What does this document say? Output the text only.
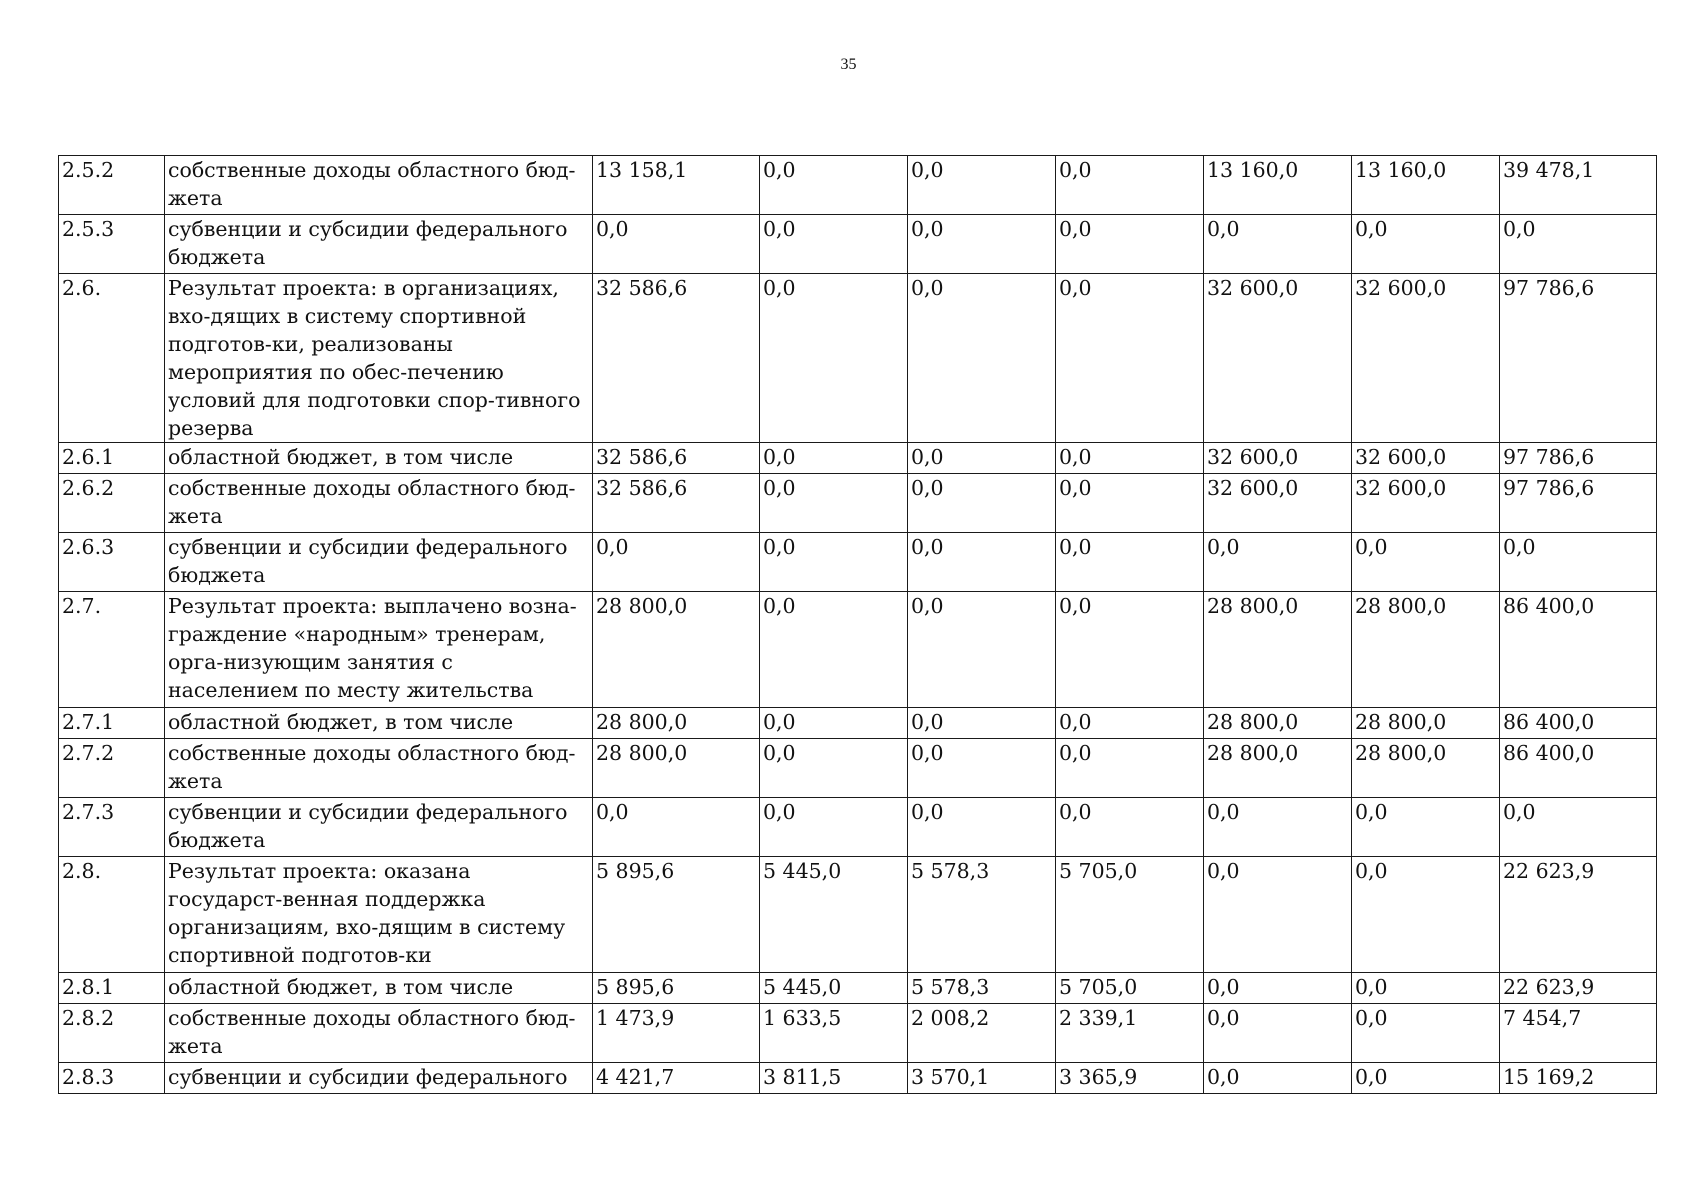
35
2.5.2	собственные доходы областного бюд-жета	13 158,1	0,0	0,0	0,0	13 160,0	13 160,0	39 478,1
2.5.3	субвенции и субсидии федерального бюджета	0,0	0,0	0,0	0,0	0,0	0,0	0,0
2.6.	Результат проекта: в организациях, вхо-дящих в систему спортивной подготов-ки, реализованы мероприятия по обес-печению условий для подготовки спор-тивного резерва	32 586,6	0,0	0,0	0,0	32 600,0	32 600,0	97 786,6
2.6.1	областной бюджет, в том числе	32 586,6	0,0	0,0	0,0	32 600,0	32 600,0	97 786,6
2.6.2	собственные доходы областного бюд-жета	32 586,6	0,0	0,0	0,0	32 600,0	32 600,0	97 786,6
2.6.3	субвенции и субсидии федерального бюджета	0,0	0,0	0,0	0,0	0,0	0,0	0,0
2.7.	Результат проекта: выплачено возна-граждение «народным» тренерам, орга-низующим занятия с населением по месту жительства	28 800,0	0,0	0,0	0,0	28 800,0	28 800,0	86 400,0
2.7.1	областной бюджет, в том числе	28 800,0	0,0	0,0	0,0	28 800,0	28 800,0	86 400,0
2.7.2	собственные доходы областного бюд-жета	28 800,0	0,0	0,0	0,0	28 800,0	28 800,0	86 400,0
2.7.3	субвенции и субсидии федерального бюджета	0,0	0,0	0,0	0,0	0,0	0,0	0,0
2.8.	Результат проекта: оказана государст-венная поддержка организациям, вхо-дящим в систему спортивной подготов-ки	5 895,6	5 445,0	5 578,3	5 705,0	0,0	0,0	22 623,9
2.8.1	областной бюджет, в том числе	5 895,6	5 445,0	5 578,3	5 705,0	0,0	0,0	22 623,9
2.8.2	собственные доходы областного бюд-жета	1 473,9	1 633,5	2 008,2	2 339,1	0,0	0,0	7 454,7
2.8.3	субвенции и субсидии федерального	4 421,7	3 811,5	3 570,1	3 365,9	0,0	0,0	15 169,2
